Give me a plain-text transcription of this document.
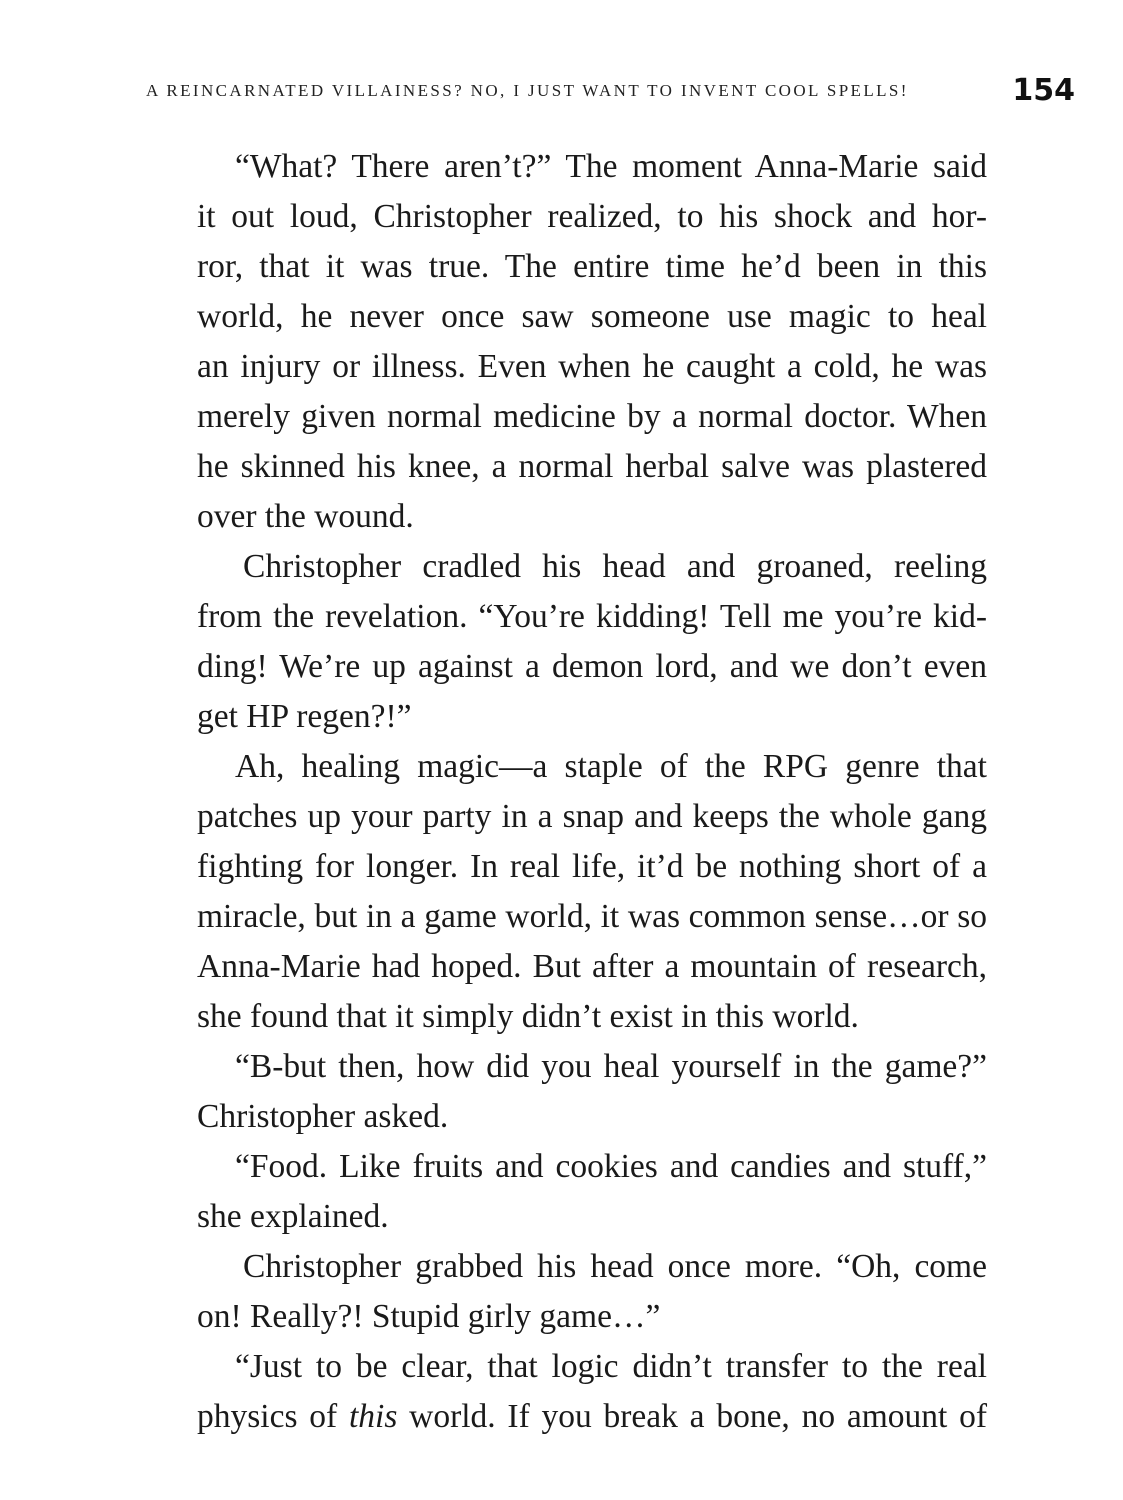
A REINCARNATED VILLAINESS? NO, I JUST WANT TO INVENT COOL SPELLS!	154
“What? There aren’t?” The moment Anna-Marie said
it out loud, Christopher realized, to his shock and hor-
ror, that it was true. The entire time he’d been in this
world, he never once saw someone use magic to heal
an injury or illness. Even when he caught a cold, he was
merely given normal medicine by a normal doctor. When
he skinned his knee, a normal herbal salve was plastered
over the wound.
Christopher cradled his head and groaned, reeling
from the revelation. “You’re kidding! Tell me you’re kid-
ding! We’re up against a demon lord, and we don’t even
get HP regen?!”
Ah, healing magic—a staple of the RPG genre that
patches up your party in a snap and keeps the whole gang
fighting for longer. In real life, it’d be nothing short of a
miracle, but in a game world, it was common sense…or so
Anna-Marie had hoped. But after a mountain of research,
she found that it simply didn’t exist in this world.
“B-but then, how did you heal yourself in the game?”
Christopher asked.
“Food. Like fruits and cookies and candies and stuff,”
she explained.
Christopher grabbed his head once more. “Oh, come
on! Really?! Stupid girly game…”
“Just to be clear, that logic didn’t transfer to the real
physics of this world. If you break a bone, no amount of
